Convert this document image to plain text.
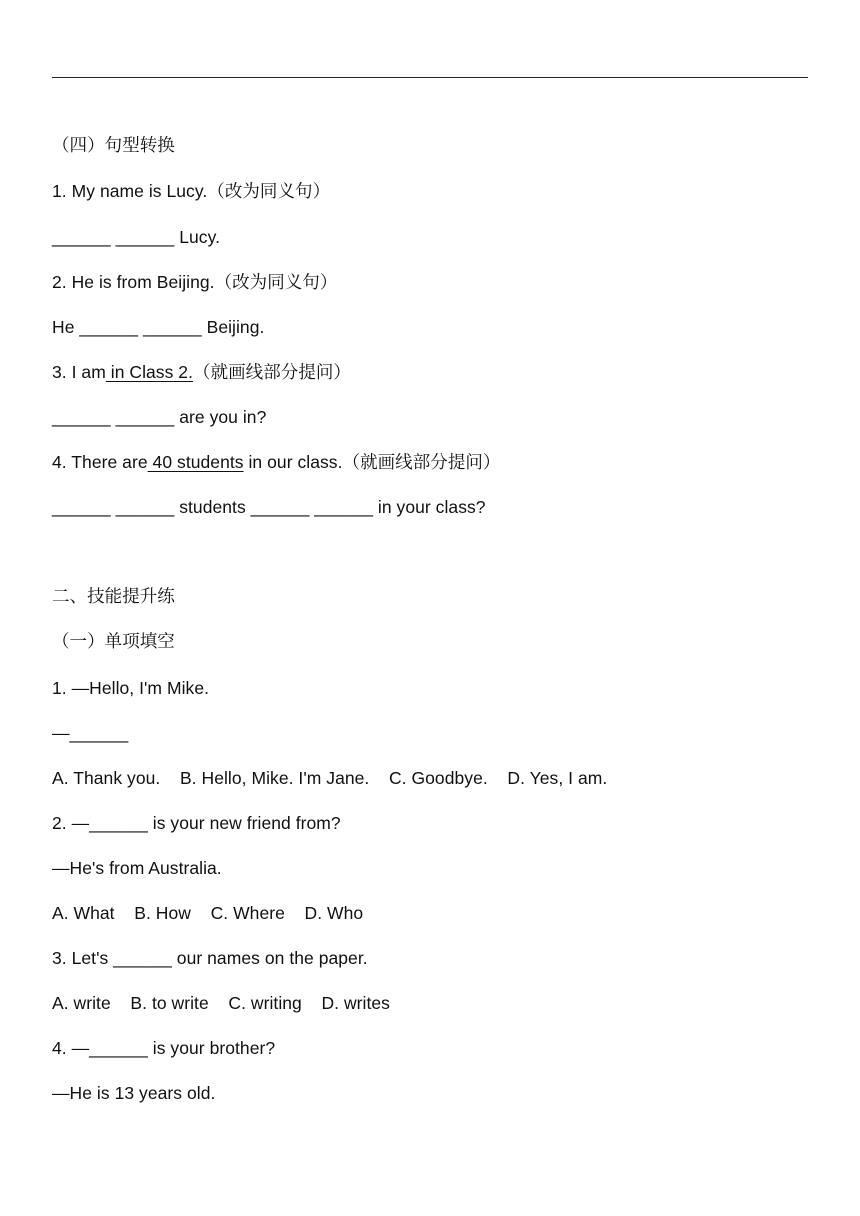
（四）句型转换
1. My name is Lucy.（改为同义句）
______ ______ Lucy.
2. He is from Beijing.（改为同义句）
He ______ ______ Beijing.
3. I am in Class 2.（就画线部分提问）
______ ______ are you in?
4. There are 40 students in our class.（就画线部分提问）
______ ______ students ______ ______ in your class?
二、技能提升练
（一）单项填空
1. —Hello, I'm Mike.
—______
A. Thank you.    B. Hello, Mike. I'm Jane.    C. Goodbye.    D. Yes, I am.
2. —______ is your new friend from?
—He's from Australia.
A. What    B. How    C. Where    D. Who
3. Let's ______ our names on the paper.
A. write    B. to write    C. writing    D. writes
4. —______ is your brother?
—He is 13 years old.
